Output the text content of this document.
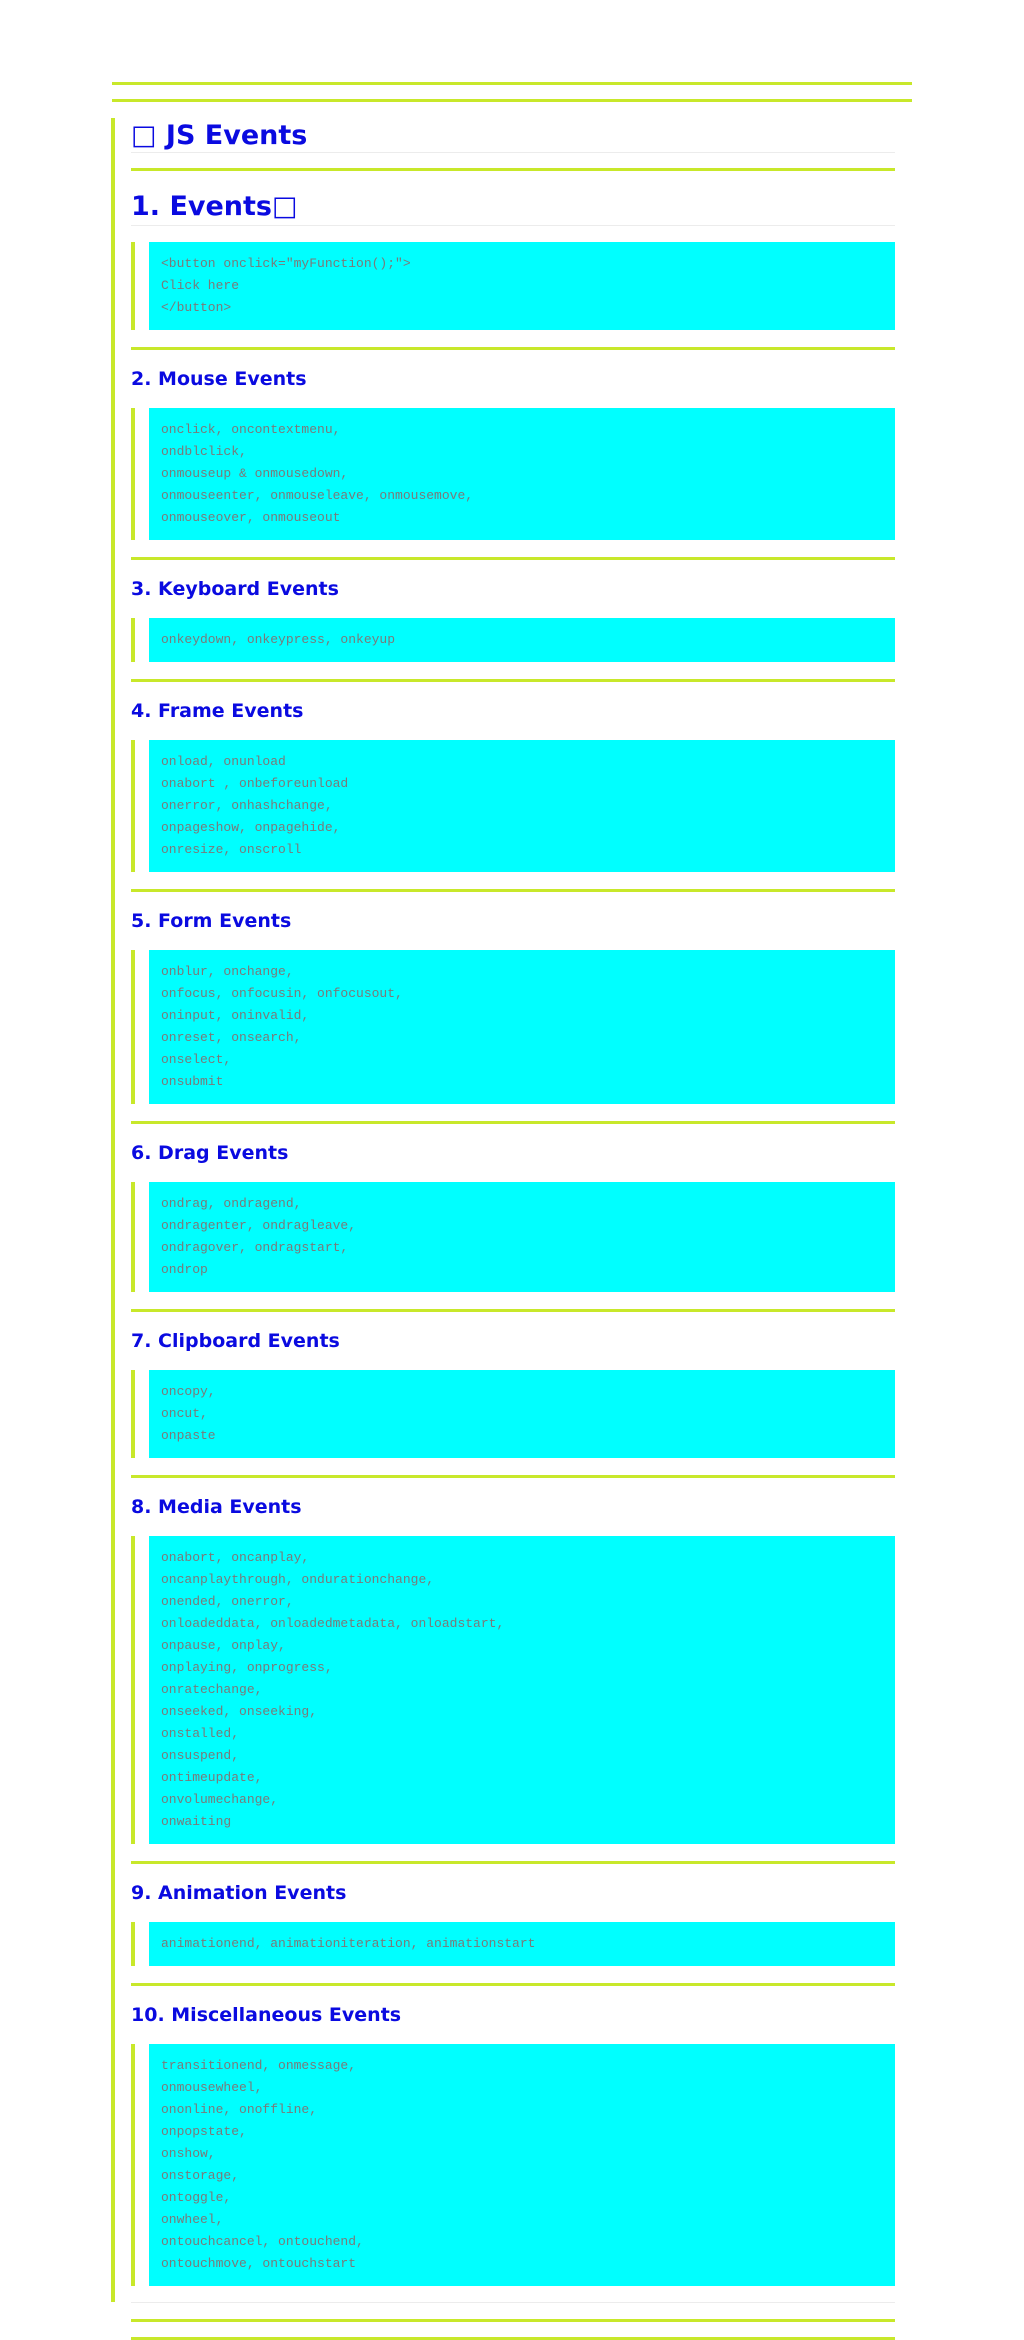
□ JS Events
1. Events□
<button onclick="myFunction();">
Click here
</button>
2. Mouse Events
onclick, oncontextmenu,
ondblclick,
onmouseup & onmousedown,
onmouseenter, onmouseleave, onmousemove,
onmouseover, onmouseout
3. Keyboard Events
onkeydown, onkeypress, onkeyup
4. Frame Events
onload, onunload
onabort , onbeforeunload
onerror, onhashchange,
onpageshow, onpagehide,
onresize, onscroll

5. Form Events
onblur, onchange,
onfocus, onfocusin, onfocusout,
oninput, oninvalid,
onreset, onsearch,
onselect,
onsubmit
6. Drag Events
ondrag, ondragend,
ondragenter, ondragleave,
ondragover, ondragstart,
ondrop
7. Clipboard Events
oncopy,
oncut,
onpaste
8. Media Events
onabort, oncanplay,
oncanplaythrough, ondurationchange,
onended, onerror,
onloadeddata, onloadedmetadata, onloadstart,
onpause, onplay,
onplaying, onprogress,
onratechange,
onseeked, onseeking,
onstalled,
onsuspend,
ontimeupdate,
onvolumechange,
onwaiting
9. Animation Events
animationend, animationiteration, animationstart
10. Miscellaneous Events
transitionend, onmessage,
onmousewheel,
ononline, onoffline,
onpopstate,
onshow,
onstorage,
ontoggle,
onwheel,
ontouchcancel, ontouchend,
ontouchmove, ontouchstart
